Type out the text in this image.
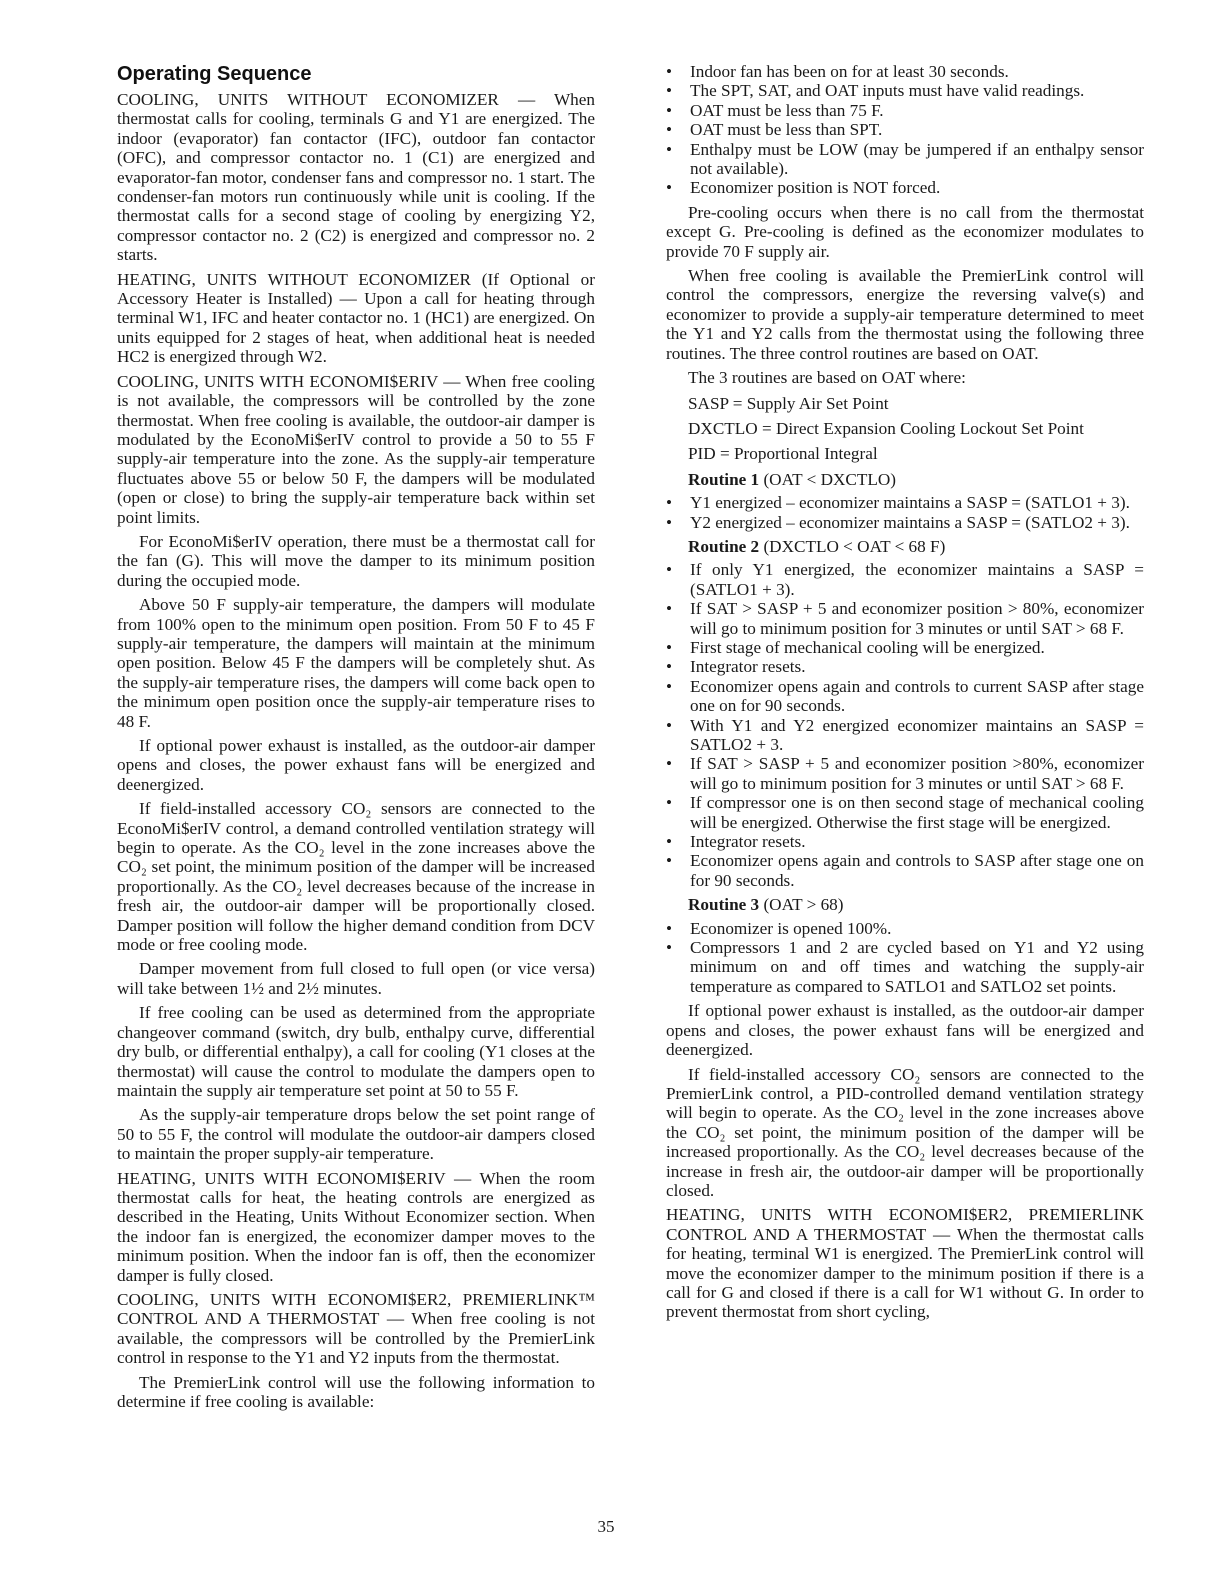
Operating Sequence

COOLING, UNITS WITHOUT ECONOMIZER — When thermostat calls for cooling, terminals G and Y1 are energized. The indoor (evaporator) fan contactor (IFC), outdoor fan contactor (OFC), and compressor contactor no. 1 (C1) are energized and evaporator-fan motor, condenser fans and compressor no. 1 start. The condenser-fan motors run continuously while unit is cooling. If the thermostat calls for a second stage of cooling by energizing Y2, compressor contactor no. 2 (C2) is energized and compressor no. 2 starts.

HEATING, UNITS WITHOUT ECONOMIZER (If Optional or Accessory Heater is Installed) — Upon a call for heating through terminal W1, IFC and heater contactor no. 1 (HC1) are energized. On units equipped for 2 stages of heat, when additional heat is needed HC2 is energized through W2.

COOLING, UNITS WITH ECONOMI$ERIV — When free cooling is not available, the compressors will be controlled by the zone thermostat. When free cooling is available, the outdoor-air damper is modulated by the EconoMi$erIV control to provide a 50 to 55 F supply-air temperature into the zone. As the supply-air temperature fluctuates above 55 or below 50 F, the dampers will be modulated (open or close) to bring the supply-air temperature back within set point limits.

For EconoMi$erIV operation, there must be a thermostat call for the fan (G). This will move the damper to its minimum position during the occupied mode.

Above 50 F supply-air temperature, the dampers will modulate from 100% open to the minimum open position. From 50 F to 45 F supply-air temperature, the dampers will maintain at the minimum open position. Below 45 F the dampers will be completely shut. As the supply-air temperature rises, the dampers will come back open to the minimum open position once the supply-air temperature rises to 48 F.

If optional power exhaust is installed, as the outdoor-air damper opens and closes, the power exhaust fans will be energized and deenergized.

If field-installed accessory CO₂ sensors are connected to the EconoMi$erIV control, a demand controlled ventilation strategy will begin to operate. As the CO₂ level in the zone increases above the CO₂ set point, the minimum position of the damper will be increased proportionally. As the CO₂ level decreases because of the increase in fresh air, the outdoor-air damper will be proportionally closed. Damper position will follow the higher demand condition from DCV mode or free cooling mode.

Damper movement from full closed to full open (or vice versa) will take between 1½ and 2½ minutes.

If free cooling can be used as determined from the appropriate changeover command (switch, dry bulb, enthalpy curve, differential dry bulb, or differential enthalpy), a call for cooling (Y1 closes at the thermostat) will cause the control to modulate the dampers open to maintain the supply air temperature set point at 50 to 55 F.

As the supply-air temperature drops below the set point range of 50 to 55 F, the control will modulate the outdoor-air dampers closed to maintain the proper supply-air temperature.

HEATING, UNITS WITH ECONOMI$ERIV — When the room thermostat calls for heat, the heating controls are energized as described in the Heating, Units Without Economizer section. When the indoor fan is energized, the economizer damper moves to the minimum position. When the indoor fan is off, then the economizer damper is fully closed.

COOLING, UNITS WITH ECONOMI$ER2, PREMIERLINK™ CONTROL AND A THERMOSTAT — When free cooling is not available, the compressors will be controlled by the PremierLink control in response to the Y1 and Y2 inputs from the thermostat.

The PremierLink control will use the following information to determine if free cooling is available:

•	Indoor fan has been on for at least 30 seconds.
•	The SPT, SAT, and OAT inputs must have valid readings.
•	OAT must be less than 75 F.
•	OAT must be less than SPT.
•	Enthalpy must be LOW (may be jumpered if an enthalpy sensor not available).
•	Economizer position is NOT forced.

Pre-cooling occurs when there is no call from the thermostat except G. Pre-cooling is defined as the economizer modulates to provide 70 F supply air.

When free cooling is available the PremierLink control will control the compressors, energize the reversing valve(s) and economizer to provide a supply-air temperature determined to meet the Y1 and Y2 calls from the thermostat using the following three routines. The three control routines are based on OAT.

The 3 routines are based on OAT where:

SASP = Supply Air Set Point

DXCTLO = Direct Expansion Cooling Lockout Set Point

PID = Proportional Integral

Routine 1 (OAT < DXCTLO)
•	Y1 energized – economizer maintains a SASP = (SATLO1 + 3).
•	Y2 energized – economizer maintains a SASP = (SATLO2 + 3).
Routine 2 (DXCTLO < OAT < 68 F)
•	If only Y1 energized, the economizer maintains a SASP = (SATLO1 + 3).
•	If SAT > SASP + 5 and economizer position > 80%, economizer will go to minimum position for 3 minutes or until SAT > 68 F.
•	First stage of mechanical cooling will be energized.
•	Integrator resets.
•	Economizer opens again and controls to current SASP after stage one on for 90 seconds.
•	With Y1 and Y2 energized economizer maintains an SASP = SATLO2 + 3.
•	If SAT > SASP + 5 and economizer position >80%, economizer will go to minimum position for 3 minutes or until SAT > 68 F.
•	If compressor one is on then second stage of mechanical cooling will be energized. Otherwise the first stage will be energized.
•	Integrator resets.
•	Economizer opens again and controls to SASP after stage one on for 90 seconds.
Routine 3 (OAT > 68)
•	Economizer is opened 100%.
•	Compressors 1 and 2 are cycled based on Y1 and Y2 using minimum on and off times and watching the supply-air temperature as compared to SATLO1 and SATLO2 set points.

If optional power exhaust is installed, as the outdoor-air damper opens and closes, the power exhaust fans will be energized and deenergized.

If field-installed accessory CO₂ sensors are connected to the PremierLink control, a PID-controlled demand ventilation strategy will begin to operate. As the CO₂ level in the zone increases above the CO₂ set point, the minimum position of the damper will be increased proportionally. As the CO₂ level decreases because of the increase in fresh air, the outdoor-air damper will be proportionally closed.

HEATING, UNITS WITH ECONOMI$ER2, PREMIERLINK CONTROL AND A THERMOSTAT — When the thermostat calls for heating, terminal W1 is energized. The PremierLink control will move the economizer damper to the minimum position if there is a call for G and closed if there is a call for W1 without G. In order to prevent thermostat from short cycling,

35
